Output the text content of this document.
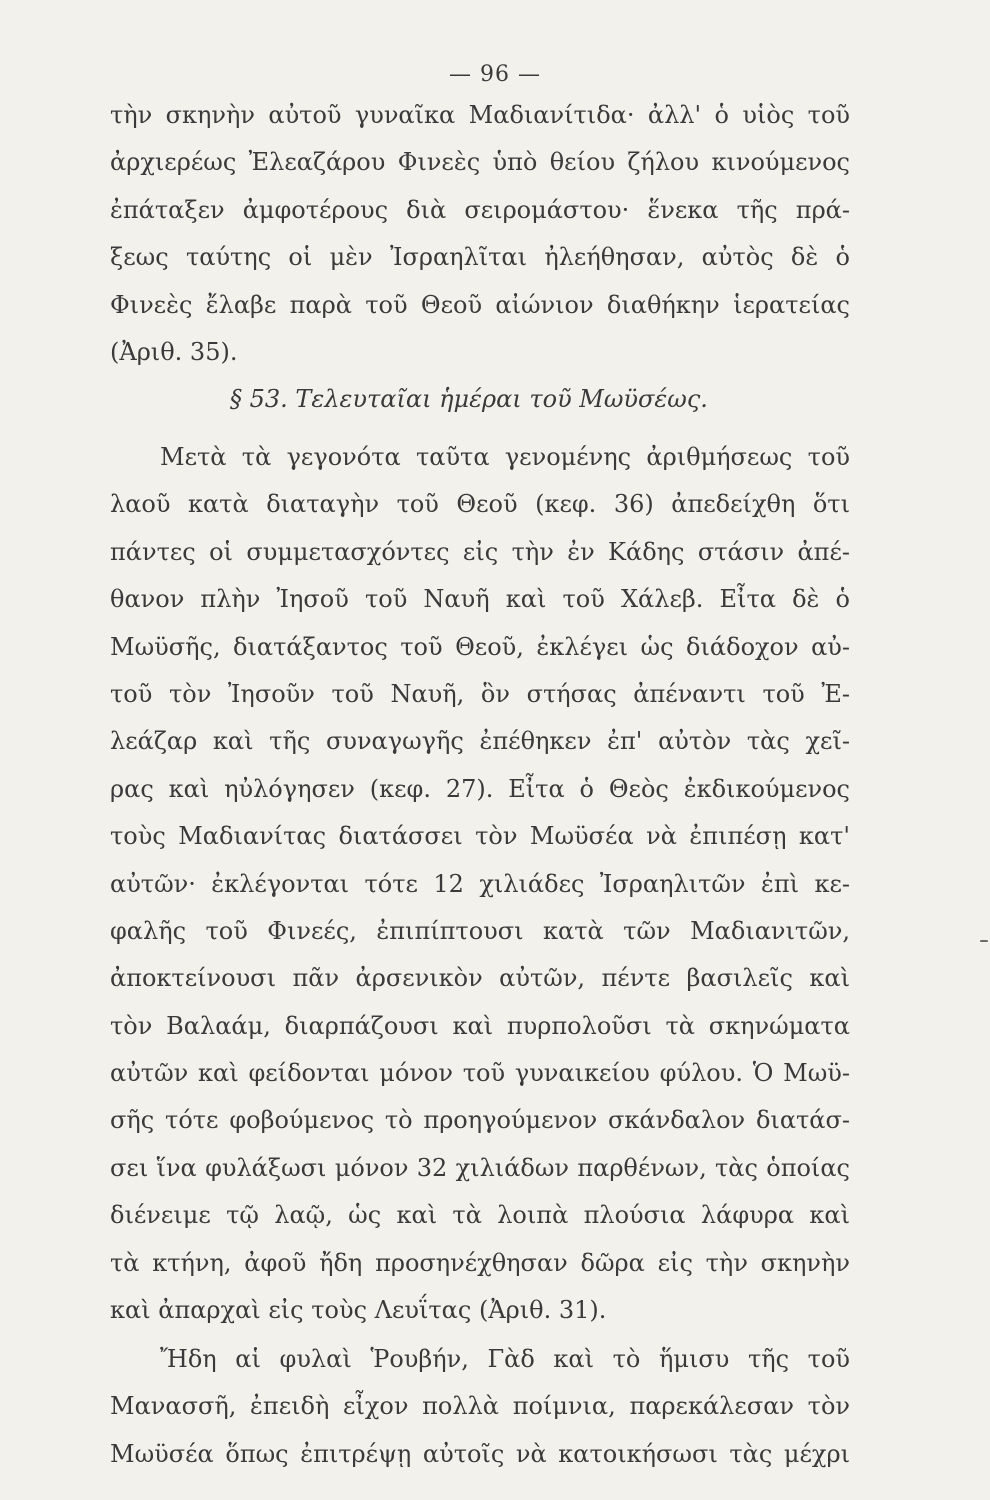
— 96 —
τὴν σκηνὴν αὐτοῦ γυναῖκα Μαδιανίτιδα· ἀλλ' ὁ υἱὸς τοῦ
ἀρχιερέως Ἐλεαζάρου Φινεὲς ὑπὸ θείου ζήλου κινούμενος
ἐπάταξεν ἀμφοτέρους διὰ σειρομάστου· ἕνεκα τῆς πρά-
ξεως ταύτης οἱ μὲν Ἰσραηλῖται ἠλεήθησαν, αὐτὸς δὲ ὁ
Φινεὲς ἔλαβε παρὰ τοῦ Θεοῦ αἰώνιον διαθήκην ἱερατείας
(Ἀριθ. 35).
§ 53. Τελευταῖαι ἡμέραι τοῦ Μωϋσέως.
Μετὰ τὰ γεγονότα ταῦτα γενομένης ἀριθμήσεως τοῦ
λαοῦ κατὰ διαταγὴν τοῦ Θεοῦ (κεφ. 36) ἀπεδείχθη ὅτι
πάντες οἱ συμμετασχόντες εἰς τὴν ἐν Κάδης στάσιν ἀπέ-
θανον πλὴν Ἰησοῦ τοῦ Ναυῆ καὶ τοῦ Χάλεβ. Εἶτα δὲ ὁ
Μωϋσῆς, διατάξαντος τοῦ Θεοῦ, ἐκλέγει ὡς διάδοχον αὐ-
τοῦ τὸν Ἰησοῦν τοῦ Ναυῆ, ὃν στήσας ἀπέναντι τοῦ Ἐ-
λεάζαρ καὶ τῆς συναγωγῆς ἐπέθηκεν ἐπ' αὐτὸν τὰς χεῖ-
ρας καὶ ηὐλόγησεν (κεφ. 27). Εἶτα ὁ Θεὸς ἐκδικούμενος
τοὺς Μαδιανίτας διατάσσει τὸν Μωϋσέα νὰ ἐπιπέσῃ κατ'
αὐτῶν· ἐκλέγονται τότε 12 χιλιάδες Ἰσραηλιτῶν ἐπὶ κε-
φαλῆς τοῦ Φινεές, ἐπιπίπτουσι κατὰ τῶν Μαδιανιτῶν,
ἀποκτείνουσι πᾶν ἀρσενικὸν αὐτῶν, πέντε βασιλεῖς καὶ
τὸν Βαλαάμ, διαρπάζουσι καὶ πυρπολοῦσι τὰ σκηνώματα
αὐτῶν καὶ φείδονται μόνον τοῦ γυναικείου φύλου. Ὁ Μωϋ-
σῆς τότε φοβούμενος τὸ προηγούμενον σκάνδαλον διατάσ-
σει ἵνα φυλάξωσι μόνον 32 χιλιάδων παρθένων, τὰς ὁποίας
διένειμε τῷ λαῷ, ὡς καὶ τὰ λοιπὰ πλούσια λάφυρα καὶ
τὰ κτήνη, ἀφοῦ ἤδη προσηνέχθησαν δῶρα εἰς τὴν σκηνὴν
καὶ ἀπαρχαὶ εἰς τοὺς Λευΐτας (Ἀριθ. 31).
Ἤδη αἱ φυλαὶ Ῥουβήν, Γὰδ καὶ τὸ ἥμισυ τῆς τοῦ
Μανασσῆ, ἐπειδὴ εἶχον πολλὰ ποίμνια, παρεκάλεσαν τὸν
Μωϋσέα ὅπως ἐπιτρέψῃ αὐτοῖς νὰ κατοικήσωσι τὰς μέχρι
